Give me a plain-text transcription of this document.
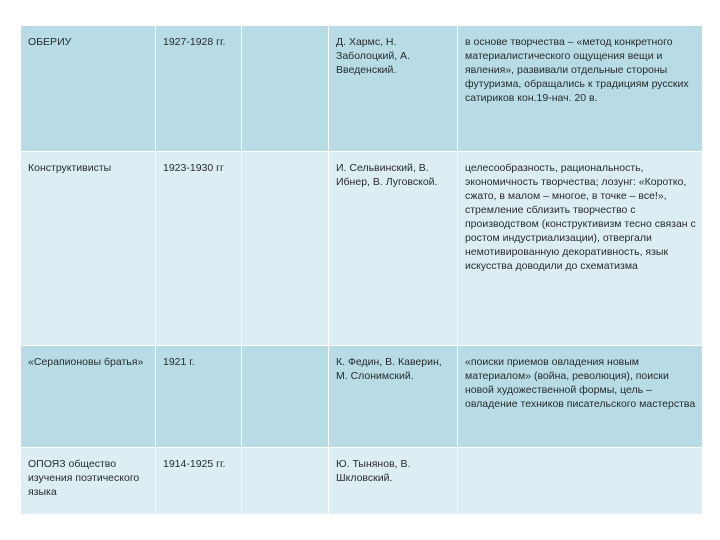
ОБЕРИУ	1927-1928 гг.		Д. Хармс, Н. Заболоцкий, А. Введенский.	в основе творчества – «метод конкретного материалистического ощущения вещи и явления», развивали отдельные стороны футуризма, обращались к традициям русских сатириков кон.19-нач. 20 в.

Конструктивисты	1923-1930 гг		И. Сельвинский, В. Ибнер, В. Луговской.	целесообразность, рациональность, экономичность творчества; лозунг: «Коротко, сжато, в малом – многое, в точке – все!», стремление сблизить творчество с производством (конструктивизм тесно связан с ростом индустриализации), отвергали немотивированную декоративность, язык искусства доводили до схематизма

«Серапионовы братья»	1921 г.		К. Федин, В. Каверин, М. Слонимский.	«поиски приемов овладения новым материалом» (война, революция), поиски новой художественной формы, цель – овладение техников писательского мастерства

ОПОЯЗ общество изучения поэтического языка	1914-1925 гг.		Ю. Тынянов, В. Шкловский.	
